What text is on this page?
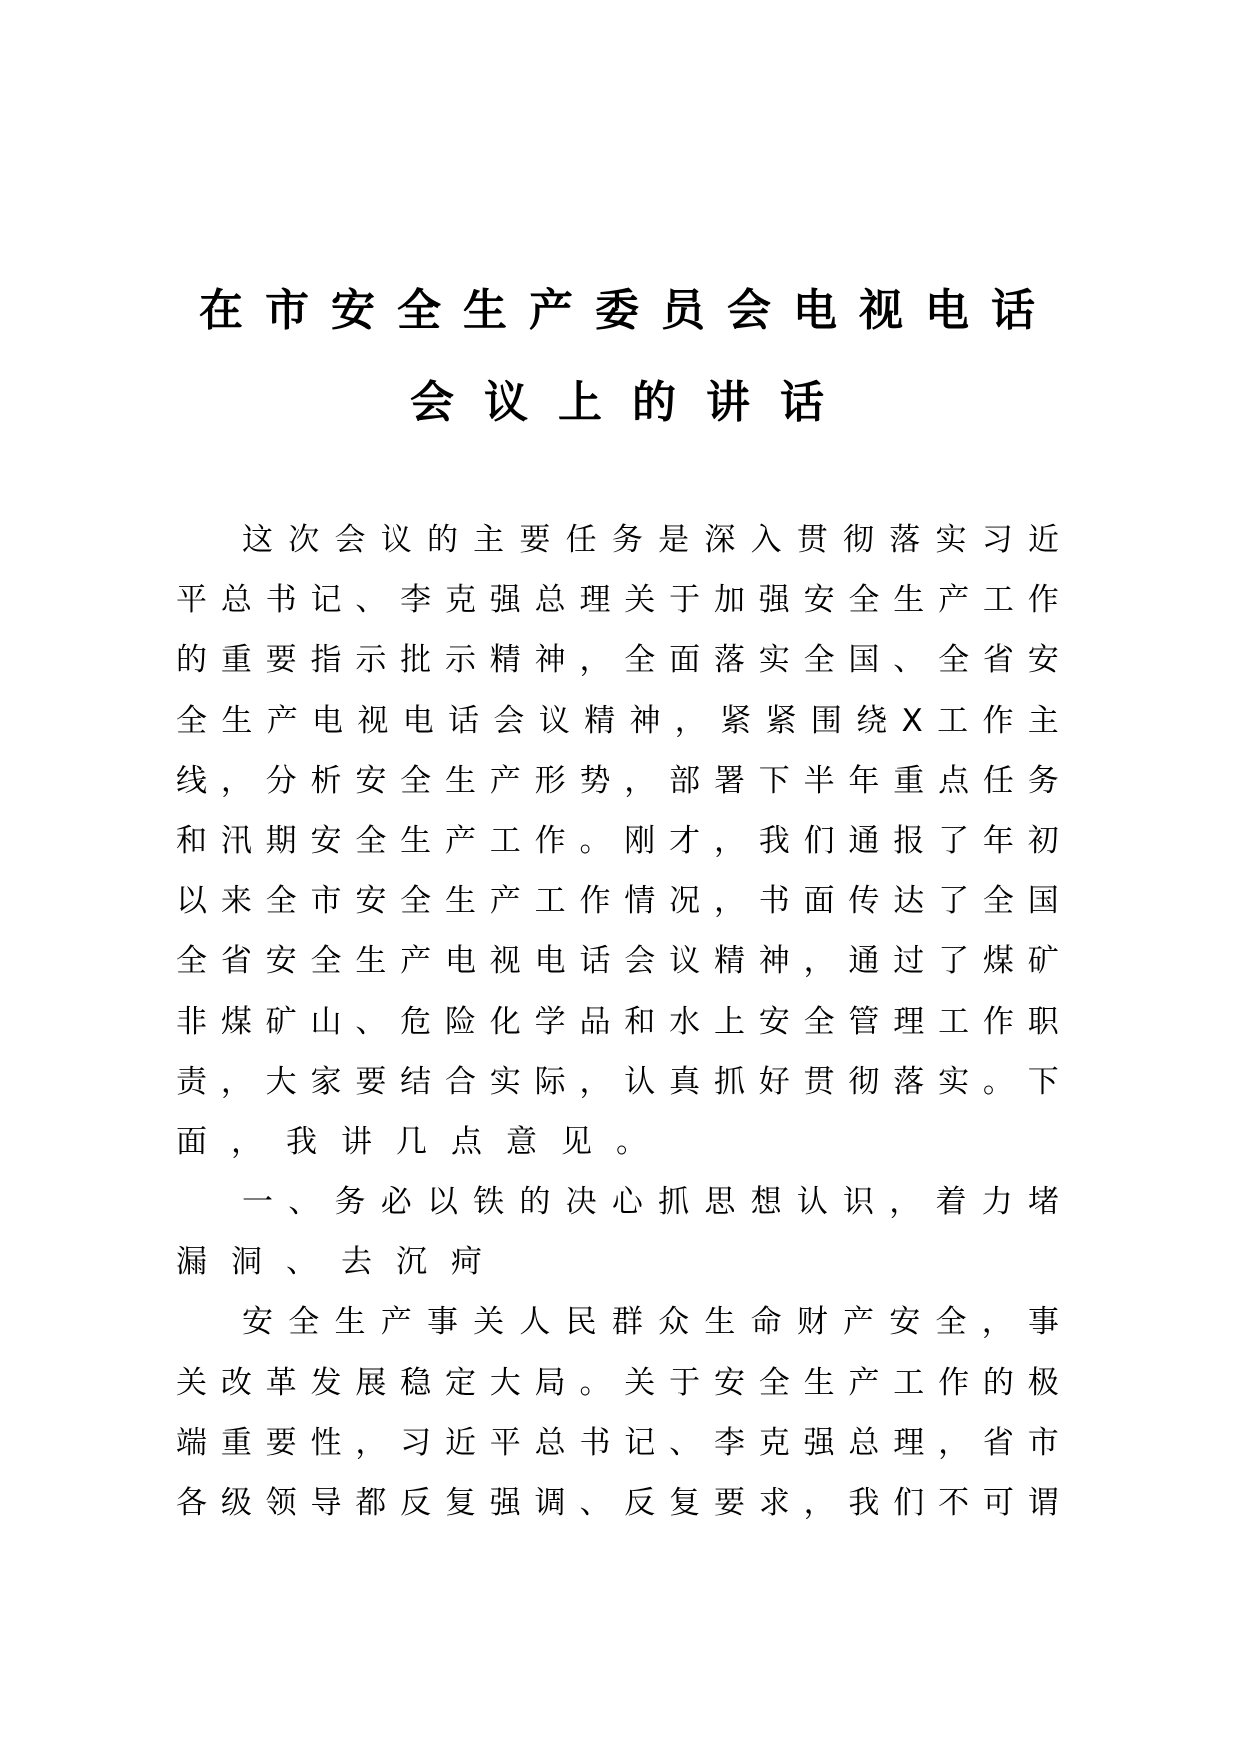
在市安全生产委员会电视电话
会议上的讲话
这 次 会 议 的 主 要 任 务 是 深 入 贯 彻 落 实 习 近
平 总 书 记 、 李 克 强 总 理 关 于 加 强 安 全 生 产 工 作
的 重 要 指 示 批 示 精 神 ， 全 面 落 实 全 国 、 全 省 安
全 生 产 电 视 电 话 会 议 精 神 ， 紧 紧 围 绕 X 工 作 主
线 ， 分 析 安 全 生 产 形 势 ， 部 署 下 半 年 重 点 任 务
和 汛 期 安 全 生 产 工 作 。 刚 才 ， 我 们 通 报 了 年 初
以 来 全 市 安 全 生 产 工 作 情 况 ， 书 面 传 达 了 全 国
全 省 安 全 生 产 电 视 电 话 会 议 精 神 ， 通 过 了 煤 矿
非 煤 矿 山 、 危 险 化 学 品 和 水 上 安 全 管 理 工 作 职
责 ， 大 家 要 结 合 实 际 ， 认 真 抓 好 贯 彻 落 实 。 下
面，我讲几点意见。
一 、 务 必 以 铁 的 决 心 抓 思 想 认 识 ， 着 力 堵
漏洞、去沉疴
安 全 生 产 事 关 人 民 群 众 生 命 财 产 安 全 ， 事
关 改 革 发 展 稳 定 大 局 。 关 于 安 全 生 产 工 作 的 极
端 重 要 性 ， 习 近 平 总 书 记 、 李 克 强 总 理 ， 省 市
各 级 领 导 都 反 复 强 调 、 反 复 要 求 ， 我 们 不 可 谓
